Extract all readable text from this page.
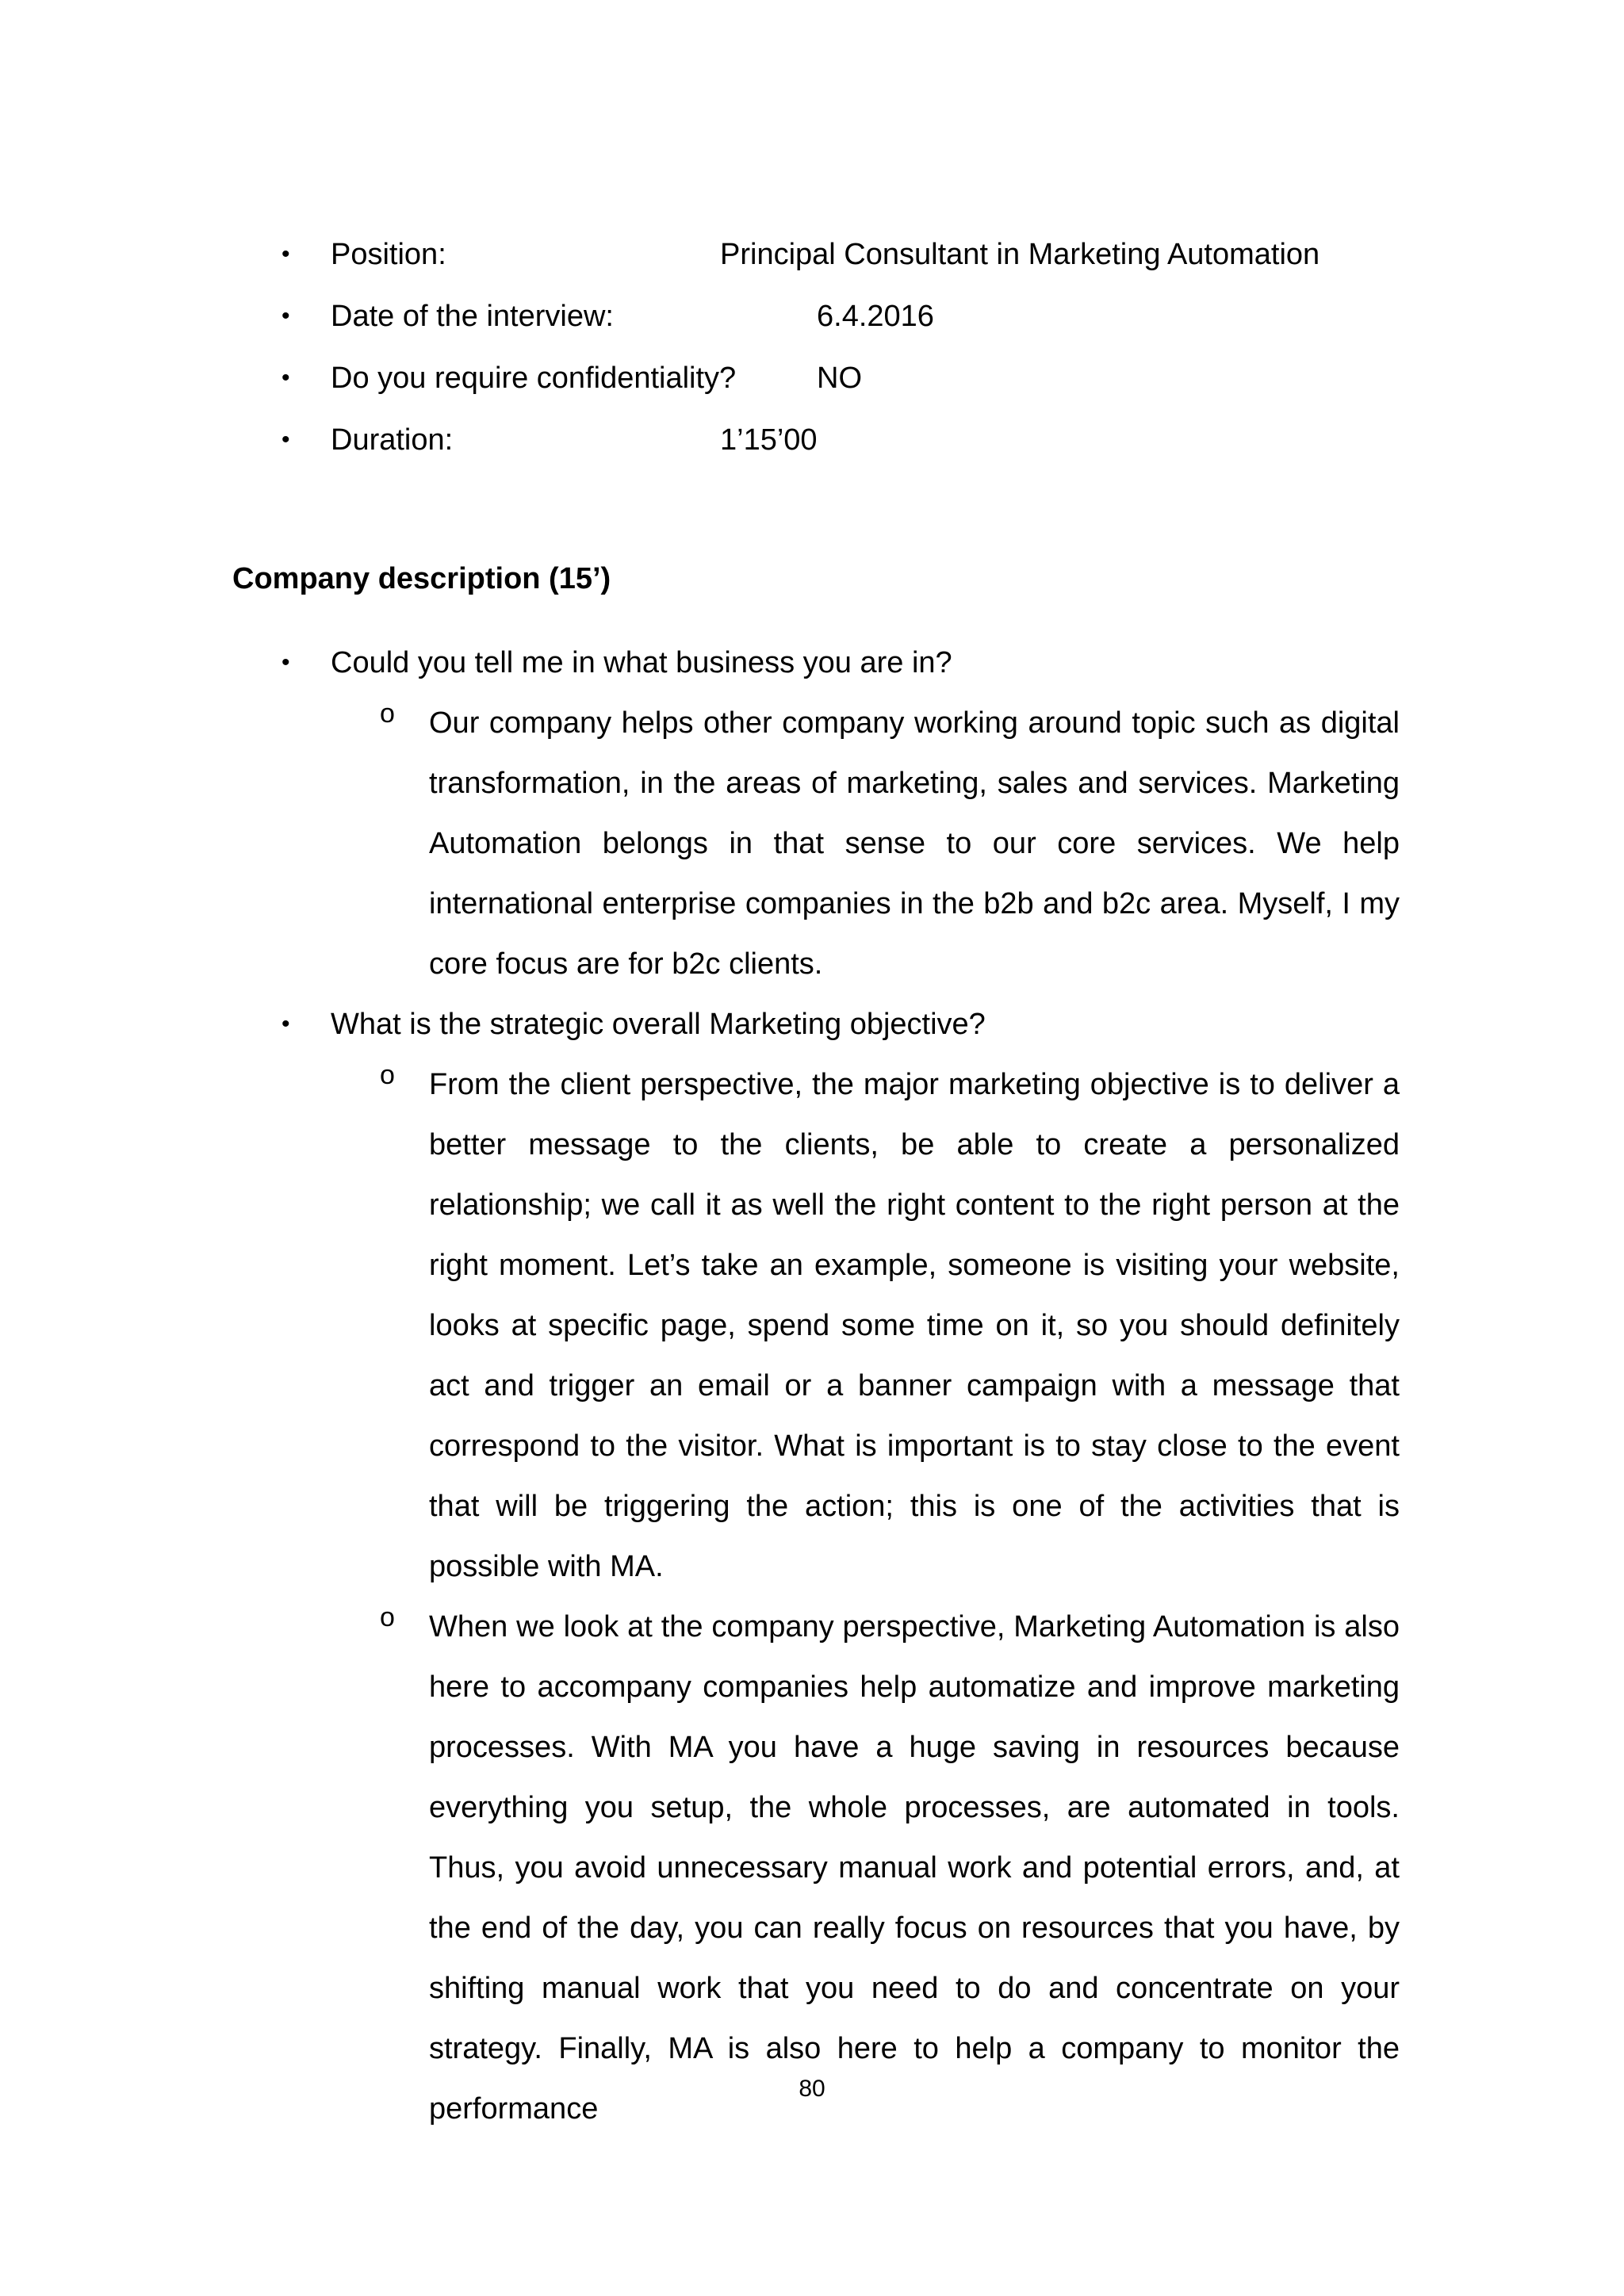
• Position:	Principal Consultant in Marketing Automation
• Date of the interview:	6.4.2016
• Do you require confidentiality?	NO
• Duration:	1’15’00
Company description (15’)
• Could you tell me in what business you are in?
o Our company helps other company working around topic such as digital transformation, in the areas of marketing, sales and services. Marketing Automation belongs in that sense to our core services. We help international enterprise companies in the b2b and b2c area. Myself, I my core focus are for b2c clients.

• What is the strategic overall Marketing objective?
o From the client perspective, the major marketing objective is to deliver a better message to the clients, be able to create a personalized relationship; we call it as well the right content to the right person at the right moment. Let’s take an example, someone is visiting your website, looks at specific page, spend some time on it, so you should definitely act and trigger an email or a banner campaign with a message that correspond to the visitor. What is important is to stay close to the event that will be triggering the action; this is one of the activities that is possible with MA.

o When we look at the company perspective, Marketing Automation is also here to accompany companies help automatize and improve marketing processes. With MA you have a huge saving in resources because everything you setup, the whole processes, are automated in tools. Thus, you avoid unnecessary manual work and potential errors, and, at the end of the day, you can really focus on resources that you have, by shifting manual work that you need to do and concentrate on your strategy. Finally, MA is also here to help a company to monitor the performance

80
